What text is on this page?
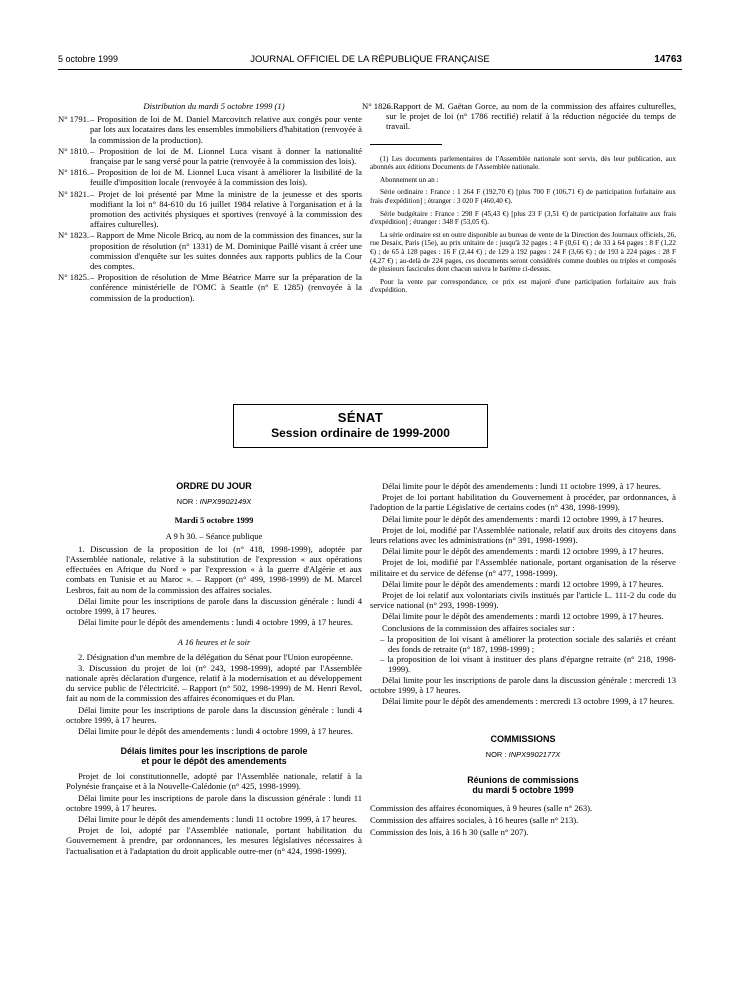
5 octobre 1999	JOURNAL OFFICIEL DE LA RÉPUBLIQUE FRANÇAISE	14763
Distribution du mardi 5 octobre 1999 (1)
N° 1791. – Proposition de loi de M. Daniel Marcovitch relative aux congés pour vente par lots aux locataires dans les ensembles immobiliers d'habitation (renvoyée à la commission de la production).
N° 1810. – Proposition de loi de M. Lionnel Luca visant à donner la nationalité française par le sang versé pour la patrie (renvoyée à la commission des lois).
N° 1816. – Proposition de loi de M. Lionnel Luca visant à améliorer la lisibilité de la feuille d'imposition locale (renvoyée à la commission des lois).
N° 1821. – Projet de loi présenté par Mme la ministre de la jeunesse et des sports modifiant la loi n° 84-610 du 16 juillet 1984 relative à l'organisation et à la promotion des activités physiques et sportives (renvoyé à la commission des affaires culturelles).
N° 1823. – Rapport de Mme Nicole Bricq, au nom de la commission des finances, sur la proposition de résolution (n° 1331) de M. Dominique Paillé visant à créer une commission d'enquête sur les suites données aux rapports publics de la Cour des comptes.
N° 1825. – Proposition de résolution de Mme Béatrice Marre sur la préparation de la conférence ministérielle de l'OMC à Seattle (n° E 1285) (renvoyée à la commission de la production).
N° 1826.
– Rapport de M. Gaëtan Gorce, au nom de la commission des affaires culturelles, sur le projet de loi (n° 1786 rectifié) relatif à la réduction négociée du temps de travail.

(1) Les documents parlementaires de l'Assemblée nationale sont servis, dès leur publication, aux abonnés aux éditions Documents de l'Assemblée nationale.

Abonnement un an :

Série ordinaire : France : 1 264 F (192,70 €) [plus 700 F (106,71 €) de participation forfaitaire aux frais d'expédition] ; étranger : 3 020 F (460,40 €).

Série budgétaire : France : 298 F (45,43 €) [plus 23 F (3,51 €) de participation forfaitaire aux frais d'expédition] ; étranger : 348 F (53,05 €).

La série ordinaire est en outre disponible au bureau de vente de la Direction des Journaux officiels, 26, rue Desaix, Paris (15e), au prix unitaire de : jusqu'à 32 pages : 4 F (0,61 €) ; de 33 à 64 pages : 8 F (1,22 €) ; de 65 à 128 pages : 16 F (2,44 €) ; de 129 à 192 pages : 24 F (3,66 €) ; de 193 à 224 pages : 28 F (4,27 €) ; au-delà de 224 pages, ces documents seront considérés comme doubles ou triples et composés de plusieurs fascicules dont chacun suivra le barème ci-dessus.

Pour la vente par correspondance, ce prix est majoré d'une participation forfaitaire aux frais d'expédition.

SÉNAT
Session ordinaire de 1999-2000
ORDRE DU JOUR
NOR : INPX9902149X
Mardi 5 octobre 1999
A 9 h 30. – Séance publique

1. Discussion de la proposition de loi (n° 418, 1998-1999), adoptée par l'Assemblée nationale, relative à la substitution de l'expression « aux opérations effectuées en Afrique du Nord » par l'expression « à la guerre d'Algérie et aux combats en Tunisie et au Maroc ». – Rapport (n° 499, 1998-1999) de M. Marcel Lesbros, fait au nom de la commission des affaires sociales.

Délai limite pour les inscriptions de parole dans la discussion générale : lundi 4 octobre 1999, à 17 heures.

Délai limite pour le dépôt des amendements : lundi 4 octobre 1999, à 17 heures.

A 16 heures et le soir

2. Désignation d'un membre de la délégation du Sénat pour l'Union européenne.

3. Discussion du projet de loi (n° 243, 1998-1999), adopté par l'Assemblée nationale après déclaration d'urgence, relatif à la modernisation et au développement du service public de l'électricité. – Rapport (n° 502, 1998-1999) de M. Henri Revol, fait au nom de la commission des affaires économiques et du Plan.

Délai limite pour les inscriptions de parole dans la discussion générale : lundi 4 octobre 1999, à 17 heures.

Délai limite pour le dépôt des amendements : lundi 4 octobre 1999, à 17 heures.

Délais limites pour les inscriptions de parole
et pour le dépôt des amendements

Projet de loi constitutionnelle, adopté par l'Assemblée nationale, relatif à la Polynésie française et à la Nouvelle-Calédonie (n° 425, 1998-1999).

Délai limite pour les inscriptions de parole dans la discussion générale : lundi 11 octobre 1999, à 17 heures.

Délai limite pour le dépôt des amendements : lundi 11 octobre 1999, à 17 heures.

Projet de loi, adopté par l'Assemblée nationale, portant habilitation du Gouvernement à prendre, par ordonnances, les mesures législatives nécessaires à l'actualisation et à l'adaptation du droit applicable outre-mer (n° 424, 1998-1999).

Délai limite pour le dépôt des amendements : lundi 11 octobre 1999, à 17 heures.

Projet de loi portant habilitation du Gouvernement à procéder, par ordonnances, à l'adoption de la partie Législative de certains codes (n° 438, 1998-1999).

Délai limite pour le dépôt des amendements : mardi 12 octobre 1999, à 17 heures.

Projet de loi, modifié par l'Assemblée nationale, relatif aux droits des citoyens dans leurs relations avec les administrations (n° 391, 1998-1999).

Délai limite pour le dépôt des amendements : mardi 12 octobre 1999, à 17 heures.

Projet de loi, modifié par l'Assemblée nationale, portant organisation de la réserve militaire et du service de défense (n° 477, 1998-1999).

Délai limite pour le dépôt des amendements : mardi 12 octobre 1999, à 17 heures.

Projet de loi relatif aux volontariats civils institués par l'article L. 111-2 du code du service national (n° 293, 1998-1999).

Délai limite pour le dépôt des amendements : mardi 12 octobre 1999, à 17 heures.

Conclusions de la commission des affaires sociales sur :

– la proposition de loi visant à améliorer la protection sociale des salariés et créant des fonds de retraite (n° 187, 1998-1999) ;

– la proposition de loi visant à instituer des plans d'épargne retraite (n° 218, 1998-1999).

Délai limite pour les inscriptions de parole dans la discussion générale : mercredi 13 octobre 1999, à 17 heures.

Délai limite pour le dépôt des amendements : mercredi 13 octobre 1999, à 17 heures.

COMMISSIONS
NOR : INPX9902177X
Réunions de commissions
du mardi 5 octobre 1999

Commission des affaires économiques, à 9 heures (salle n° 263).

Commission des affaires sociales, à 16 heures (salle n° 213).

Commission des lois, à 16 h 30 (salle n° 207).
